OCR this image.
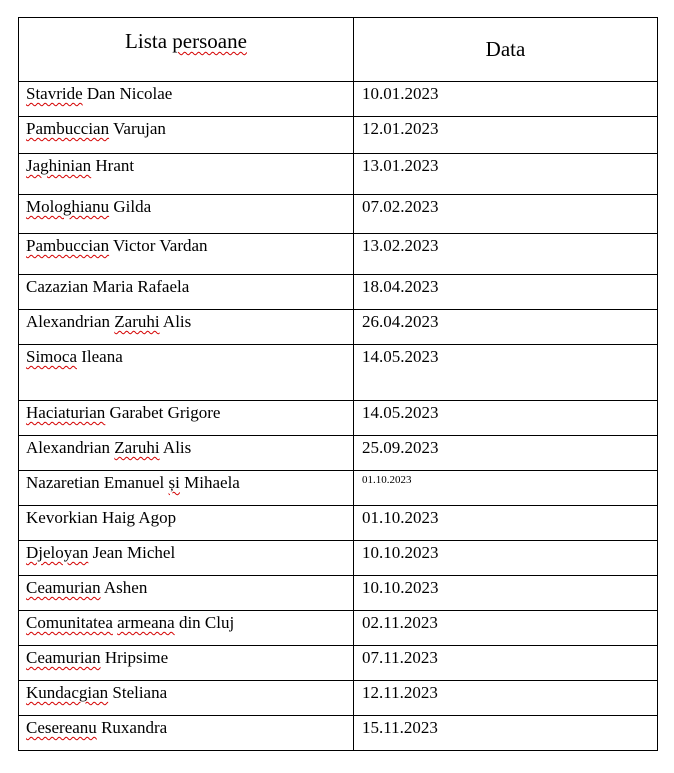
Lista persoane	Data
Stavride Dan Nicolae	10.01.2023
Pambuccian Varujan	12.01.2023
Jaghinian Hrant	13.01.2023
Mologhianu Gilda	07.02.2023
Pambuccian Victor Vardan	13.02.2023
Cazazian Maria Rafaela	18.04.2023
Alexandrian Zaruhi Alis	26.04.2023
Simoca Ileana	14.05.2023
Haciaturian Garabet Grigore	14.05.2023
Alexandrian Zaruhi Alis	25.09.2023
Nazaretian Emanuel și Mihaela	01.10.2023
Kevorkian Haig Agop	01.10.2023
Djeloyan Jean Michel	10.10.2023
Ceamurian Ashen	10.10.2023
Comunitatea armeana din Cluj	02.11.2023
Ceamurian Hripsime	07.11.2023
Kundacgian Steliana	12.11.2023
Cesereanu Ruxandra	15.11.2023
